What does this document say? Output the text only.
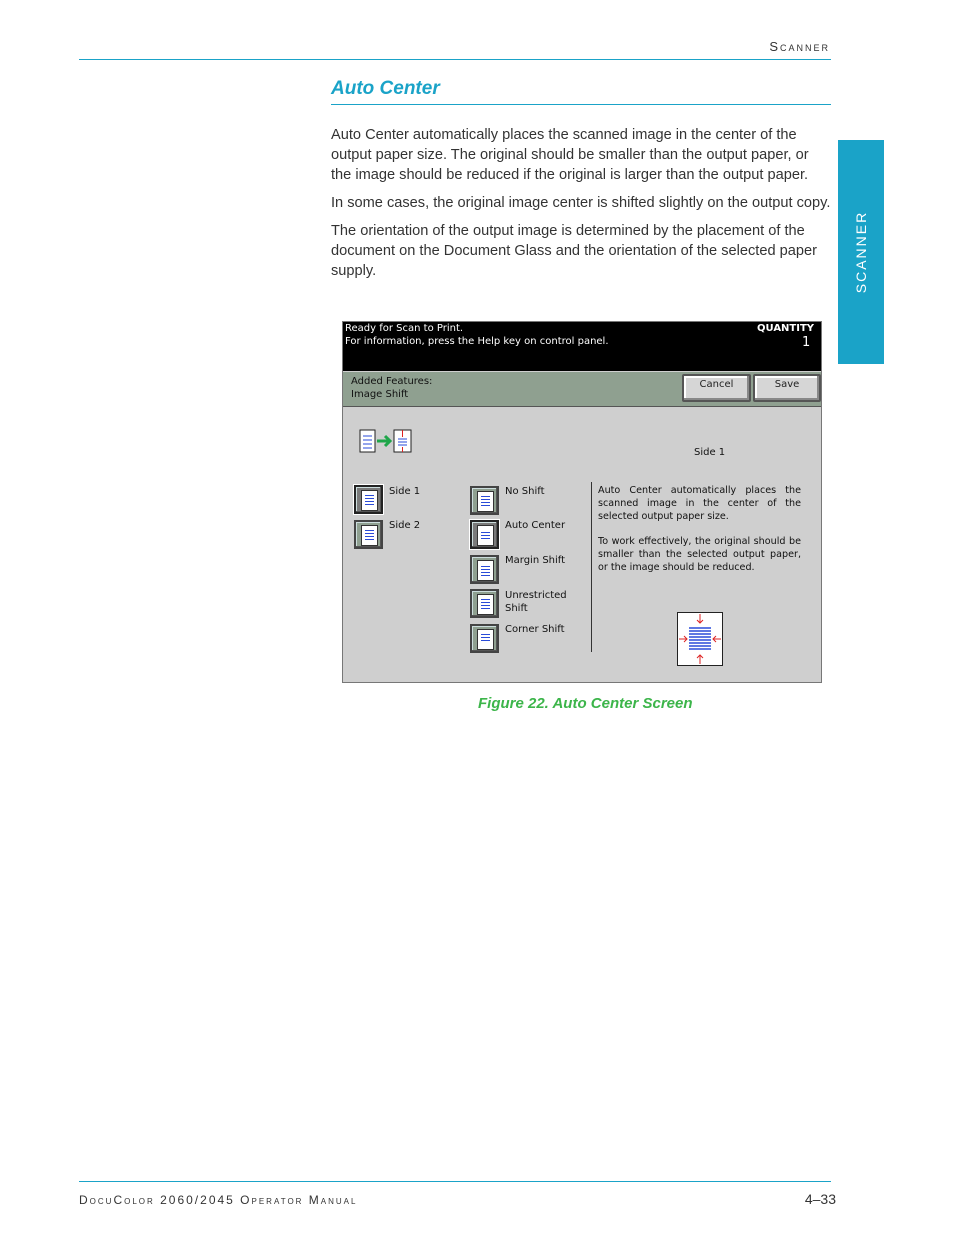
Scanner
Auto Center
Auto Center automatically places the scanned image in the center of the output paper size. The original should be smaller than the output paper, or the image should be reduced if the original is larger than the output paper.
In some cases, the original image center is shifted slightly on the output copy.
The orientation of the output image is determined by the placement of the document on the Document Glass and the orientation of the selected paper supply.	SCANNER
Ready for Scan to Print.
For information, press the Help key on control panel.
QUANTITY
1
Added Features:
Image Shift
Cancel	Save
Side 1
Side 1
Side 2
No Shift
Auto Center
Margin Shift
Unrestricted Shift
Corner Shift
Auto Center automatically places the scanned image in the center of the selected output paper size.
To work effectively, the original should be smaller than the selected output paper, or the image should be reduced.
Figure 22. Auto Center Screen
DocuColor 2060/2045 Operator Manual	4–33
